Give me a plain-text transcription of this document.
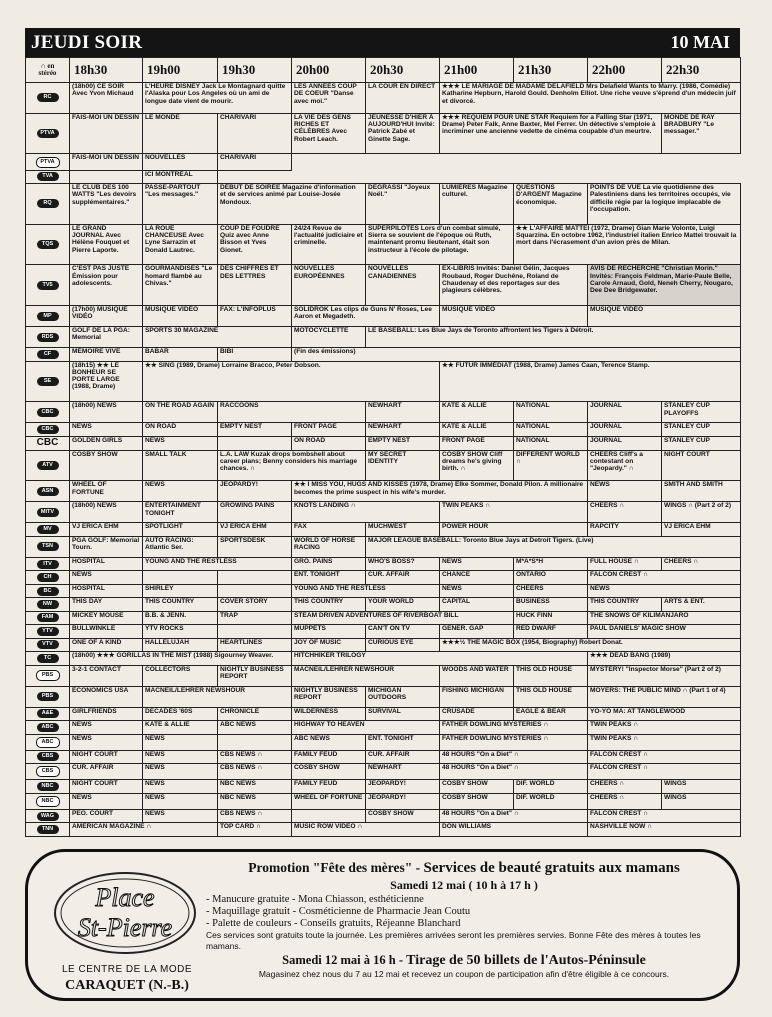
JEUDI SOIR	10 MAI
∩ en
stéréo	18h30	19h00	19h30	20h00	20h30	21h00	21h30	22h00	22h30
RC	(18h00) CE SOIR Avec Yvon Michaud	L'HEURE DISNEY Jack Le Montagnard quitte l'Alaska pour Los Angeles où un ami de longue date vient de mourir.		LES ANNÉES COUP DE COEUR "Danse avec moi."	LA COUR EN DIRECT	★★★ LE MARIAGE DE MADAME DELAFIELD Mrs Delafield Wants to Marry. (1986, Comédie) Katharine Hepburn, Harold Gould. Denholm Elliot. Une riche veuve s'éprend d'un médecin juif et divorcé.			
PTVA	FAIS-MOI UN DESSIN	LE MONDE	CHARIVARI	LA VIE DES GENS RICHES ET CÉLÈBRES Avec Robert Leach.	JEUNESSE D'HIER À AUJOURD'HUI Invité: Patrick Zabé et Ginette Sage.	★★★ REQUIEM POUR UNE STAR Requiem for a Falling Star (1971, Drame) Peter Falk, Anne Baxter, Mel Ferrer. Un détective s'emploie à incriminer une ancienne vedette de cinéma coupable d'un meurtre.			MONDE DE RAY BRADBURY "Le messager."
PTVA	FAIS-MOI UN DESSIN	NOUVELLES	CHARIVARI						
TVA		ICI MONTRÉAL							
RQ	LE CLUB DES 100 WATTS "Les devoirs supplémentaires."	PASSE-PARTOUT "Les messages."	DÉBUT DE SOIRÉE Magazine d'information et de services animé par Louise-Josée Mondoux.		DEGRASSI "Joyeux Noël."	LUMIÈRES Magazine culturel.	QUESTIONS D'ARGENT Magazine économique.	POINTS DE VUE La vie quotidienne des Palestiniens dans les territoires occupés, vie difficile régie par la logique implacable de l'occupation.	
TQS	LE GRAND JOURNAL Avec Hélène Fouquet et Pierre Laporte.	LA ROUE CHANCEUSE Avec Lyne Sarrazin et Donald Lautrec.	COUP DE FOUDRE Quiz avec Anne Bisson et Yves Gionet.	24/24 Revue de l'actualité judiciaire et criminelle.	SUPERPILOTES Lors d'un combat simulé, Sierra se souvient de l'époque où Ruth, maintenant promu lieutenant, était son instructeur à l'école de pilotage.		★★ L'AFFAIRE MATTEI (1972, Drame) Gian Marie Volonte, Luigi Squarzina. En octobre 1962, l'industriel italien Enrico Mattei trouvait la mort dans l'écrasement d'un avion près de Milan.		
TV5	C'EST PAS JUSTE Émission pour adolescents.	GOURMANDISES "Le homard flambé au Chivas."	DES CHIFFRES ET DES LETTRES	NOUVELLES EUROPÉENNES	NOUVELLES CANADIENNES	EX-LIBRIS Invités: Daniel Gélin, Jacques Roubaud, Roger Duchêne, Roland de Chaudenay et des reportages sur des plagieurs célèbres.		AVIS DE RECHERCHE "Christian Morin." Invités: François Feldman, Marie-Paule Belle, Carole Arnaud, Gold, Neneh Cherry, Nougaro, Dee Dee Bridgewater.	
MP	(17h00) MUSIQUE VIDÉO	MUSIQUE VIDÉO	FAX: L'INFOPLUS	SOLIDROK Les clips de Guns N' Roses, Lee Aaron et Megadeth.		MUSIQUE VIDÉO		MUSIQUE VIDÉO	
RDS	GOLF DE LA PGA: Memorial	SPORTS 30 MAGAZINE		MOTOCYCLETTE	LE BASEBALL: Les Blue Jays de Toronto affrontent les Tigers à Détroit.				
CF	MÉMOIRE VIVE	BABAR	BIBI	(Fin des émissions)					
SE	(18h15) ★★ LE BONHEUR SE PORTE LARGE (1988, Drame)	★★ SING (1989, Drame) Lorraine Bracco, Peter Dobson.				★★ FUTUR IMMÉDIAT (1988, Drame) James Caan, Terence Stamp.			
CBC	(18h00) NEWS	ON THE ROAD AGAIN	RACCOONS		NEWHART	KATE & ALLIE	NATIONAL	JOURNAL	STANLEY CUP PLAYOFFS
CBC	NEWS	ON ROAD	EMPTY NEST	FRONT PAGE	NEWHART	KATE & ALLIE	NATIONAL	JOURNAL	STANLEY CUP
CBC	GOLDEN GIRLS	NEWS		ON ROAD	EMPTY NEST	FRONT PAGE	NATIONAL	JOURNAL	STANLEY CUP
ATV	COSBY SHOW	SMALL TALK	L.A. LAW Kuzak drops bombshell about career plans; Benny considers his marriage chances. ∩		MY SECRET IDENTITY	COSBY SHOW Cliff dreams he's giving birth. ∩	DIFFERENT WORLD ∩	CHEERS Cliff's a contestant on "Jeopardy." ∩	NIGHT COURT
ASN	WHEEL OF FORTUNE	NEWS	JEOPARDY!	★★ I MISS YOU, HUGS AND KISSES (1978, Drame) Elke Sommer, Donald Pilon. A millionaire becomes the prime suspect in his wife's murder.				NEWS	SMITH AND SMITH
MITV	(18h00) NEWS	ENTERTAINMENT TONIGHT	GROWING PAINS	KNOTS LANDING ∩		TWIN PEAKS ∩		CHEERS ∩	WINGS ∩ (Part 2 of 2)
MV	VJ ERICA EHM	SPOTLIGHT	VJ ERICA EHM	FAX	MUCHWEST	POWER HOUR		RAPCITY	VJ ERICA EHM
TSN	PGA GOLF: Memorial Tourn.	AUTO RACING: Atlantic Ser.	SPORTSDESK	WORLD OF HORSE RACING	MAJOR LEAGUE BASEBALL: Toronto Blue Jays at Detroit Tigers. (Live)				
ITV	HOSPITAL	YOUNG AND THE RESTLESS		GRO. PAINS	WHO'S BOSS?	NEWS	M*A*S*H	FULL HOUSE ∩	CHEERS ∩
CH	NEWS			ENT. TONIGHT	CUR. AFFAIR	CHANCE	ONTARIO	FALCON CREST ∩	
BC	HOSPITAL	SHIRLEY		YOUNG AND THE RESTLESS		NEWS	CHEERS	NEWS	
NW	THIS DAY	THIS COUNTRY	COVER STORY	THIS COUNTRY	YOUR WORLD	CAPITAL	BUSINESS	THIS COUNTRY	ARTS & ENT.
FAM	MICKEY MOUSE	B.B. & JENN.	TRAP	STEAM DRIVEN ADVENTURES OF RIVERBOAT BILL			HUCK FINN	THE SNOWS OF KILIMANJARO	
YTV	BULLWINKLE	YTV ROCKS		MUPPETS	CAN'T ON TV	GENER. GAP	RED DWARF	PAUL DANIELS' MAGIC SHOW	
VTV	ONE OF A KIND	HALLELUJAH	HEARTLINES	JOY OF MUSIC	CURIOUS EYE	★★★½ THE MAGIC BOX (1954, Biography) Robert Donat.			
TC	(18h00) ★★★ GORILLAS IN THE MIST (1988) Sigourney Weaver.			HITCHHIKER TRILOGY				★★★ DEAD BANG (1989)	
PBS	3-2-1 CONTACT	COLLECTORS	NIGHTLY BUSINESS REPORT	MACNEIL/LEHRER NEWSHOUR		WOODS AND WATER	THIS OLD HOUSE	MYSTERY! "Inspector Morse" (Part 2 of 2)	
PBS	ECONOMICS USA	MACNEIL/LEHRER NEWSHOUR		NIGHTLY BUSINESS REPORT	MICHIGAN OUTDOORS	FISHING MICHIGAN	THIS OLD HOUSE	MOYERS: THE PUBLIC MIND ∩ (Part 1 of 4)	
A&E	GIRLFRIENDS	DECADES '60S	CHRONICLE	WILDERNESS	SURVIVAL	CRUSADE	EAGLE & BEAR	YO-YO MA: AT TANGLEWOOD	
ABC	NEWS	KATE & ALLIE	ABC NEWS	HIGHWAY TO HEAVEN		FATHER DOWLING MYSTERIES ∩		TWIN PEAKS ∩	
ABC	NEWS	NEWS		ABC NEWS	ENT. TONIGHT	FATHER DOWLING MYSTERIES ∩		TWIN PEAKS ∩	
CBS	NIGHT COURT	NEWS	CBS NEWS ∩	FAMILY FEUD	CUR. AFFAIR	48 HOURS "On a Diet" ∩		FALCON CREST ∩	
CBS	CUR. AFFAIR	NEWS	CBS NEWS ∩	COSBY SHOW	NEWHART	48 HOURS "On a Diet" ∩		FALCON CREST ∩	
NBC	NIGHT COURT	NEWS	NBC NEWS	FAMILY FEUD	JEOPARDY!	COSBY SHOW	DIF. WORLD	CHEERS ∩	WINGS
NBC	NEWS	NEWS	NBC NEWS	WHEEL OF FORTUNE	JEOPARDY!	COSBY SHOW	DIF. WORLD	CHEERS ∩	WINGS
WAG	PEO. COURT	NEWS	CBS NEWS ∩		COSBY SHOW	48 HOURS "On a Diet" ∩		FALCON CREST ∩	
TNN	AMERICAN MAGAZINE ∩		TOP CARD ∩	MUSIC ROW VIDEO ∩		DON WILLIAMS		NASHVILLE NOW ∩	
Place
St-Pierre
LE CENTRE DE LA MODE
CARAQUET (N.-B.)
Promotion "Fête des mères" - Services de beauté gratuits aux mamans
Samedi 12 mai ( 10 h à 17 h )
- Manucure gratuite - Mona Chiasson, esthéticienne
- Maquillage gratuit - Cosméticienne de Pharmacie Jean Coutu
- Palette de couleurs - Conseils gratuits, Réjeanne Blanchard
Ces services sont gratuits toute la journée. Les premières arrivées seront les premières servies. Bonne Fête des mères à toutes les mamans.
Samedi 12 mai à 16 h - Tirage de 50 billets de l'Autos-Péninsule
Magasinez chez nous du 7 au 12 mai et recevez un coupon de participation afin d'être éligible à ce concours.
